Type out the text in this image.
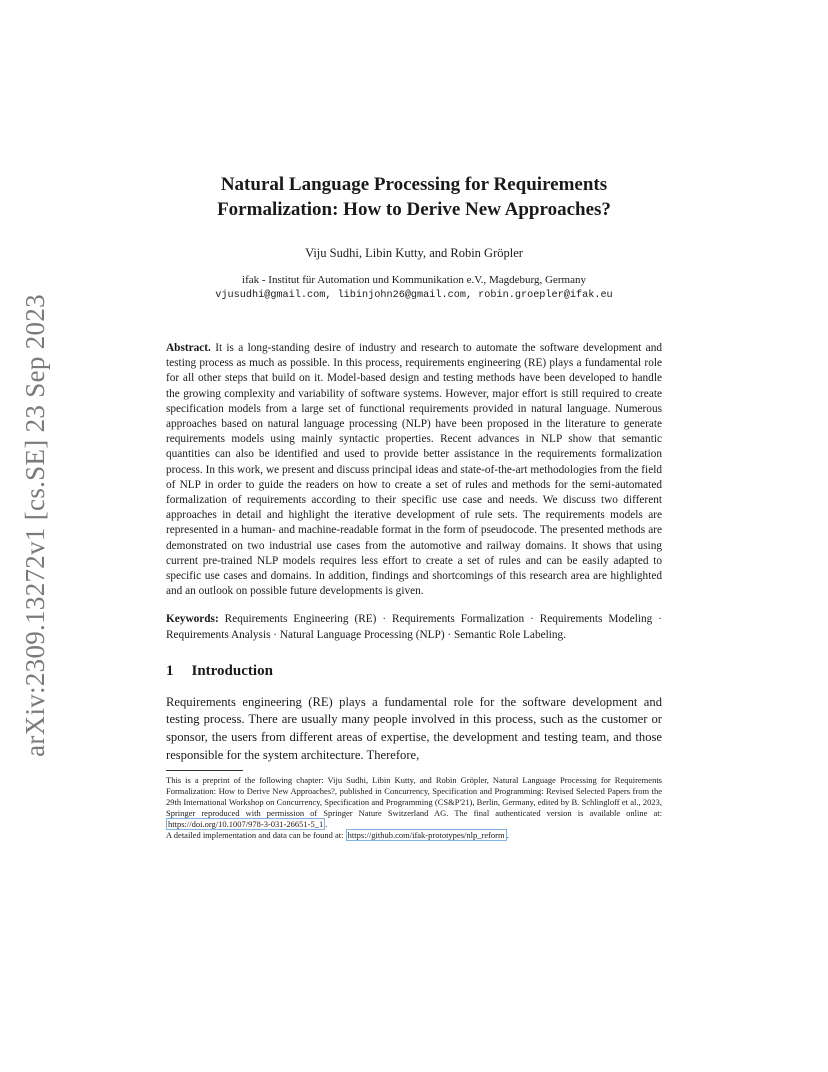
arXiv:2309.13272v1 [cs.SE] 23 Sep 2023
Natural Language Processing for Requirements
Formalization: How to Derive New Approaches?
Viju Sudhi, Libin Kutty, and Robin Gröpler
ifak - Institut für Automation und Kommunikation e.V., Magdeburg, Germany
vjusudhi@gmail.com, libinjohn26@gmail.com, robin.groepler@ifak.eu
Abstract. It is a long-standing desire of industry and research to automate the software development and testing process as much as possible. In this process, requirements engineering (RE) plays a fundamental role for all other steps that build on it. Model-based design and testing methods have been developed to handle the growing complexity and variability of software systems. However, major effort is still required to create specification models from a large set of functional requirements provided in natural language. Numerous approaches based on natural language processing (NLP) have been proposed in the literature to generate requirements models using mainly syntactic properties. Recent advances in NLP show that semantic quantities can also be identified and used to provide better assistance in the requirements formalization process. In this work, we present and discuss principal ideas and state-of-the-art methodologies from the field of NLP in order to guide the readers on how to create a set of rules and methods for the semi-automated formalization of requirements according to their specific use case and needs. We discuss two different approaches in detail and highlight the iterative development of rule sets. The requirements models are represented in a human- and machine-readable format in the form of pseudocode. The presented methods are demonstrated on two industrial use cases from the automotive and railway domains. It shows that using current pre-trained NLP models requires less effort to create a set of rules and can be easily adapted to specific use cases and domains. In addition, findings and shortcomings of this research area are highlighted and an outlook on possible future developments is given.
Keywords: Requirements Engineering (RE) · Requirements Formalization · Requirements Modeling · Requirements Analysis · Natural Language Processing (NLP) · Semantic Role Labeling.
1 Introduction
Requirements engineering (RE) plays a fundamental role for the software development and testing process. There are usually many people involved in this process, such as the customer or sponsor, the users from different areas of expertise, the development and testing team, and those responsible for the system architecture. Therefore,
This is a preprint of the following chapter: Viju Sudhi, Libin Kutty, and Robin Gröpler, Natural Language Processing for Requirements Formalization: How to Derive New Approaches?, published in Concurrency, Specification and Programming: Revised Selected Papers from the 29th International Workshop on Concurrency, Specification and Programming (CS&P'21), Berlin, Germany, edited by B. Schlingloff et al., 2023, Springer reproduced with permission of Springer Nature Switzerland AG. The final authenticated version is available online at: https://doi.org/10.1007/978-3-031-26651-5_1 .
A detailed implementation and data can be found at: https://github.com/ifak-prototypes/nlp_reform .
